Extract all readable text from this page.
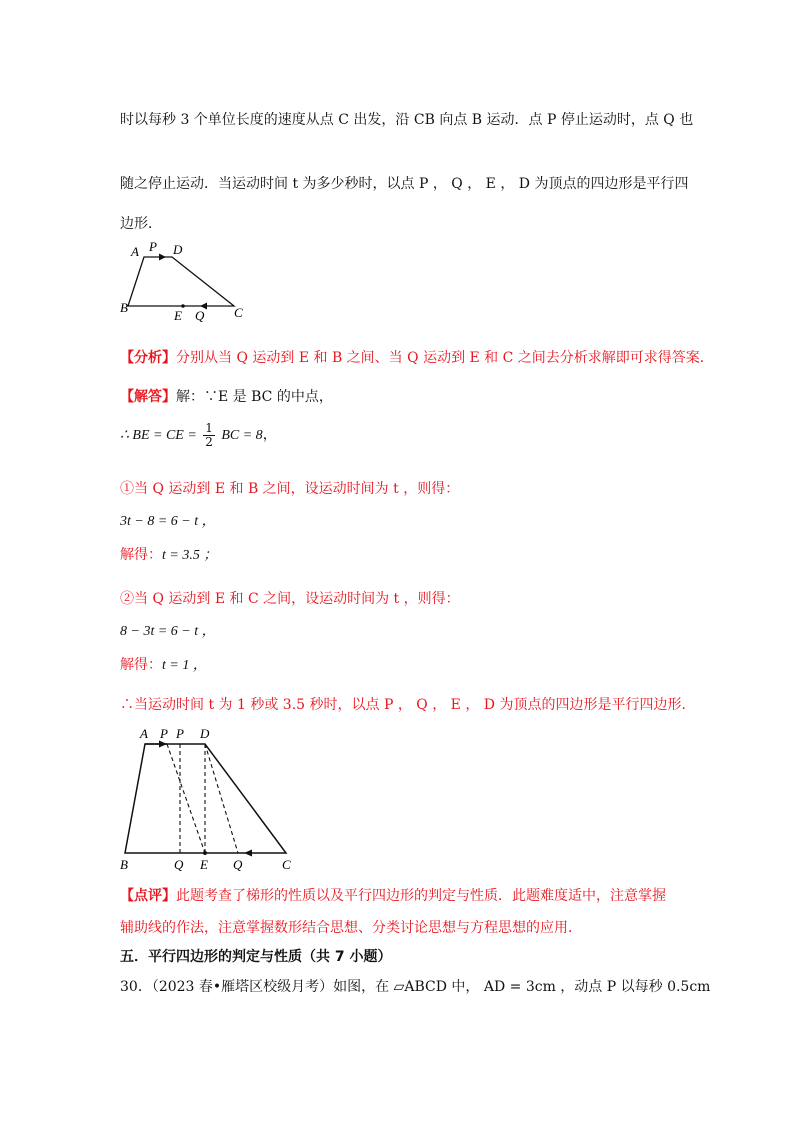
时以每秒 3 个单位长度的速度从点 C 出发，沿 CB 向点 B 运动．点 P 停止运动时，点 Q 也
随之停止运动．当运动时间 t 为多少秒时，以点 P ， Q ， E ， D 为顶点的四边形是平行四
边形．
A P D
B
E Q C
【分析】分别从当 Q 运动到 E 和 B 之间、当 Q 运动到 E 和 C 之间去分析求解即可求得答案．
【解答】解：∵E 是 BC 的中点，
∴ BE = CE = $\frac{1}{2}$ BC = 8，
①当 Q 运动到 E 和 B 之间，设运动时间为 t ，则得：
3t − 8 = 6 − t ，
解得：t = 3.5 ；
②当 Q 运动到 E 和 C 之间，设运动时间为 t ，则得：
8 − 3t = 6 − t ，
解得：t = 1 ，
∴当运动时间 t 为 1 秒或 3.5 秒时，以点 P ， Q ， E ， D 为顶点的四边形是平行四边形．
A P P D
B	Q E Q	C
【点评】此题考查了梯形的性质以及平行四边形的判定与性质．此题难度适中，注意掌握
辅助线的作法，注意掌握数形结合思想、分类讨论思想与方程思想的应用．
五．平行四边形的判定与性质（共 7 小题）
30．（2023 春•雁塔区校级月考）如图，在 ▱ABCD 中， AD = 3cm ，动点 P 以每秒 0.5cm
